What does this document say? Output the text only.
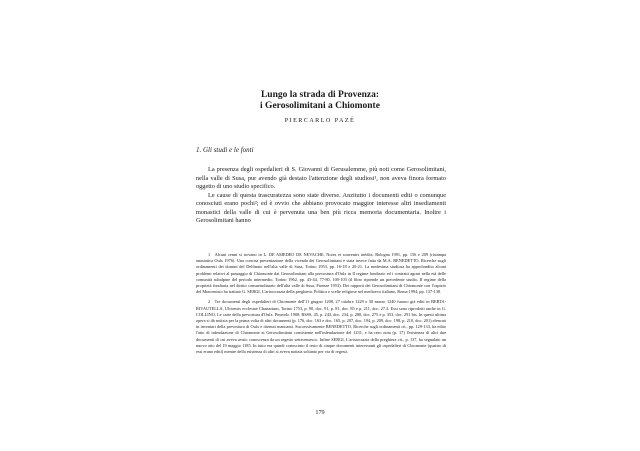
Lungo la strada di Provenza:
i Gerosolimitani a Chiomonte
PIERCARLO PAZÉ
1. Gli studi e le fonti

La presenza degli ospedalieri di S. Giovanni di Gerusalemme, più noti come Gerosolimitani, nella valle di Susa, pur avendo già destato l'attenzione degli studiosi¹, non aveva finora formato oggetto di uno studio specifico.

Le cause di questa trascuratezza sono state diverse. Anzitutto i documenti editi o comunque conosciuti erano pochi²; ed è ovvio che abbiano provocato maggior interesse altri insediamenti monastici della valle di cui è pervenuta una ben più ricca memoria documentaria. Inoltre i Gerosolimitani hanno

1 Alcuni cenni si trovano in L. DE AMEDEO DE NEVACHE, Notes et souvenirs inédits, Bologna 1991, pp. 156 e 209 (ristampa anastatica Oulx 1976). Una concisa presentazione della vicenda dei Gerosolimitani è stata invece fatta da M.A. BENEDETTO, Ricerche sugli ordinamenti dei domini del Delfinato nell'alta valle di Susa, Torino 1953, pp. 16-18 e 20-21. La medesima studiosa ha approfondito alcuni problemi relativi al passaggio di Chiomonte dai Gerosolimitani alla prevostura d'Oulx in Il regime fondiario ed i contratti agrari nella età delle comunità subalpine del periodo intermedio, Torino 1962, pp. 43-44, 77-80, 100-103 (il libro riprende un precedente studio, Il regime della proprietà fondiaria nel diritto consuetudinario dell'alta valle di Susa, Firenze 1953). Dei rapporti dei Gerosolimitani di Chiomonte con l'ospizio del Moncenisio ha trattato G. SERGI, L'aristocrazia della preghiera. Politica e scelte religiose nel medioevo italiano, Roma 1994, pp. 137-138.

2 Tre documenti degli ospedalieri di Chiomonte dell'11 giugno 1208, 27 ottobre 1229 e 30 marzo 1240 furono già editi in BERTA-RIVAUTELLA, Ulciensis ecclesiae Chartarium, Torino 1753, p. 90, doc. 91, p. 81, doc. 85 e p. 211, doc. 27.3. Essi sono riprodotti anche in G. COLLINO, Le carte della prevostura d'Oulx. Pinerolo 1908, BSSS, 45, p. 243, doc. 234, p. 280, doc. 275 e p. 353, doc. 291 bis. In questi ultima opera si dà notizia per la prima volta di altri documenti (p. 176, doc. 163 e doc. 165, p. 207, doc. 194, p. 209, doc. 198, p. 210, doc. 201) elencati in inventari della prevostura di Oulx e ritenuti mancanti. Successivamente BENEDETTO, Ricerche sugli ordinamenti cit., pp. 129-133, ha edito l'atto di infeudazione di Chiomonte ai Gerosolimitani consistente nell'infeudazione del 1231, e ha reso nota (p. 17) l'esistenza di altri due documenti di cui aveva avuto conoscenza da un regesto settecentesco. Infine SERGI, L'aristocrazia della preghiera cit., p. 137, ha segnalato un nuovo atto del 19 maggio 1185. In tutto era quindi conosciuto il testo di cinque documenti interessanti gli ospedalieri di Chiomonte (quattro di essi erano editi) mentre della esistenza di altri si aveva notizia soltanto per via di regesti.

179
